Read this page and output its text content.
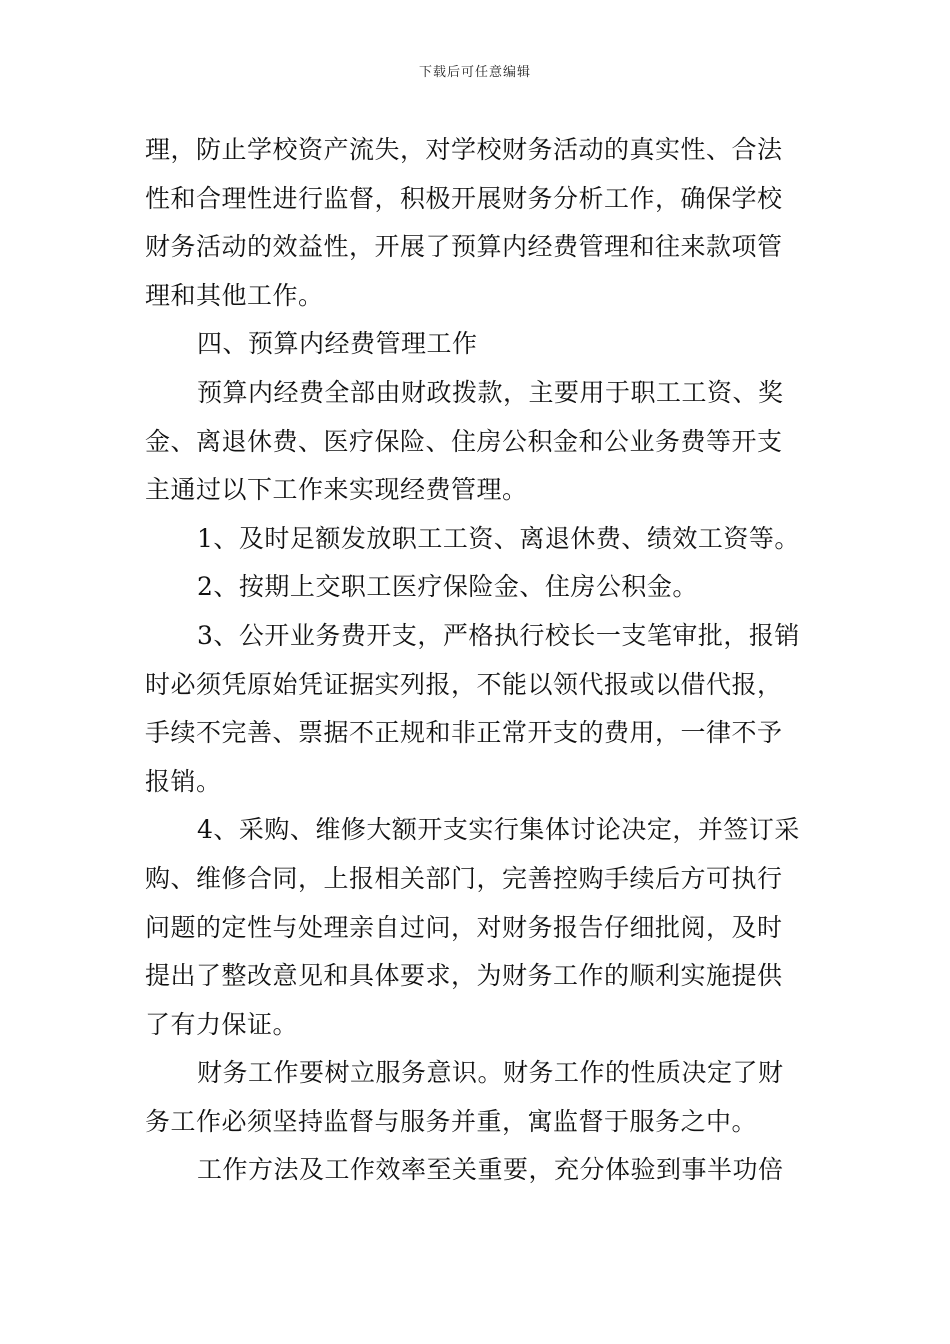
下载后可任意编辑
理，防止学校资产流失，对学校财务活动的真实性、合法
性和合理性进行监督，积极开展财务分析工作，确保学校
财务活动的效益性，开展了预算内经费管理和往来款项管
理和其他工作。
四、预算内经费管理工作
预算内经费全部由财政拨款，主要用于职工工资、奖
金、离退休费、医疗保险、住房公积金和公业务费等开支
主通过以下工作来实现经费管理。
1、及时足额发放职工工资、离退休费、绩效工资等。
2、按期上交职工医疗保险金、住房公积金。
3、公开业务费开支，严格执行校长一支笔审批，报销
时必须凭原始凭证据实列报，不能以领代报或以借代报，
手续不完善、票据不正规和非正常开支的费用，一律不予
报销。
4、采购、维修大额开支实行集体讨论决定，并签订采
购、维修合同，上报相关部门，完善控购手续后方可执行
问题的定性与处理亲自过问，对财务报告仔细批阅，及时
提出了整改意见和具体要求，为财务工作的顺利实施提供
了有力保证。
财务工作要树立服务意识。财务工作的性质决定了财
务工作必须坚持监督与服务并重，寓监督于服务之中。
工作方法及工作效率至关重要，充分体验到事半功倍
